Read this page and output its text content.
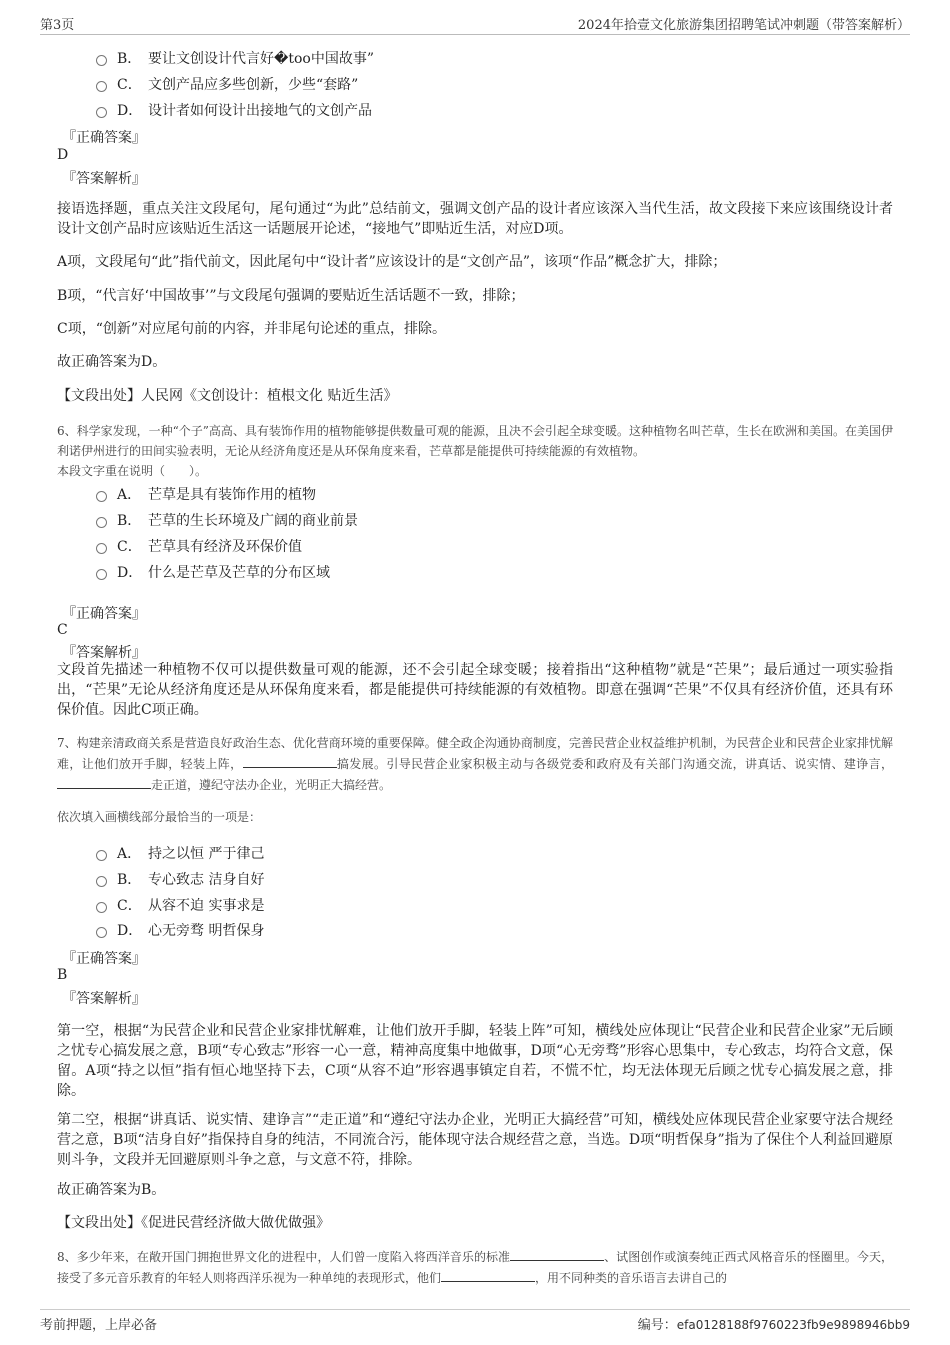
第3页	2024年拾壹文化旅游集团招聘笔试冲刺题（带答案解析）
B． 要让文创设计代言好�too中国故事”
C． 文创产品应多些创新，少些“套路”
D． 设计者如何设计出接地气的文创产品
『正确答案』
D
『答案解析』
接语选择题，重点关注文段尾句，尾句通过“为此”总结前文，强调文创产品的设计者应该深入当代生活，故文段接下来应该围绕设计者设计文创产品时应该贴近生活这一话题展开论述，“接地气”即贴近生活，对应D项。
A项，文段尾句“此”指代前文，因此尾句中“设计者”应该设计的是“文创产品”，该项“作品”概念扩大，排除；
B项，“代言好‘中国故事’”与文段尾句强调的要贴近生活话题不一致，排除；
C项，“创新”对应尾句前的内容，并非尾句论述的重点，排除。
故正确答案为D。
【文段出处】人民网《文创设计：植根文化 贴近生活》
6、科学家发现，一种“个子”高高、具有装饰作用的植物能够提供数量可观的能源，且决不会引起全球变暖。这种植物名叫芒草，生长在欧洲和美国。在美国伊利诺伊州进行的田间实验表明，无论从经济角度还是从环保角度来看，芒草都是能提供可持续能源的有效植物。
本段文字重在说明（　　）。
A． 芒草是具有装饰作用的植物
B． 芒草的生长环境及广阔的商业前景
C． 芒草具有经济及环保价值
D． 什么是芒草及芒草的分布区域
『正确答案』
C
『答案解析』
文段首先描述一种植物不仅可以提供数量可观的能源，还不会引起全球变暖；接着指出“这种植物”就是“芒果”；最后通过一项实验指出，“芒果”无论从经济角度还是从环保角度来看，都是能提供可持续能源的有效植物。即意在强调“芒果”不仅具有经济价值，还具有环保价值。因此C项正确。
7、构建亲清政商关系是营造良好政治生态、优化营商环境的重要保障。健全政企沟通协商制度，完善民营企业权益维护机制，为民营企业和民营企业家排忧解难，让他们放开手脚，轻装上阵，	搞发展。引导民营企业家积极主动与各级党委和政府及有关部门沟通交流，讲真话、说实情、建诤言，走正道，遵纪守法办企业，光明正大搞经营。
依次填入画横线部分最恰当的一项是：
A． 持之以恒 严于律己
B． 专心致志 洁身自好
C． 从容不迫 实事求是
D． 心无旁骛 明哲保身
『正确答案』
B
『答案解析』
第一空，根据“为民营企业和民营企业家排忧解难，让他们放开手脚，轻装上阵”可知，横线处应体现让“民营企业和民营企业家”无后顾之忧专心搞发展之意，B项“专心致志”形容一心一意，精神高度集中地做事，D项“心无旁骛”形容心思集中，专心致志，均符合文意，保留。A项“持之以恒”指有恒心地坚持下去，C项“从容不迫”形容遇事镇定自若，不慌不忙，均无法体现无后顾之忧专心搞发展之意，排除。
第二空，根据“讲真话、说实情、建诤言”“走正道”和“遵纪守法办企业，光明正大搞经营”可知，横线处应体现民营企业家要守法合规经营之意，B项“洁身自好”指保持自身的纯洁，不同流合污，能体现守法合规经营之意，当选。D项“明哲保身”指为了保住个人利益回避原则斗争，文段并无回避原则斗争之意，与文意不符，排除。
故正确答案为B。
【文段出处】《促进民营经济做大做优做强》
8、多少年来，在敞开国门拥抱世界文化的进程中，人们曾一度陷入将西洋音乐的标准	、试图创作或演奏纯正西式风格音乐的怪圈里。今天，接受了多元音乐教育的年轻人则将西洋乐视为一种单纯的表现形式，他们	，用不同种类的音乐语言去讲自己的
考前押题，上岸必备	编号：efa0128188f9760223fb9e9898946bb9
